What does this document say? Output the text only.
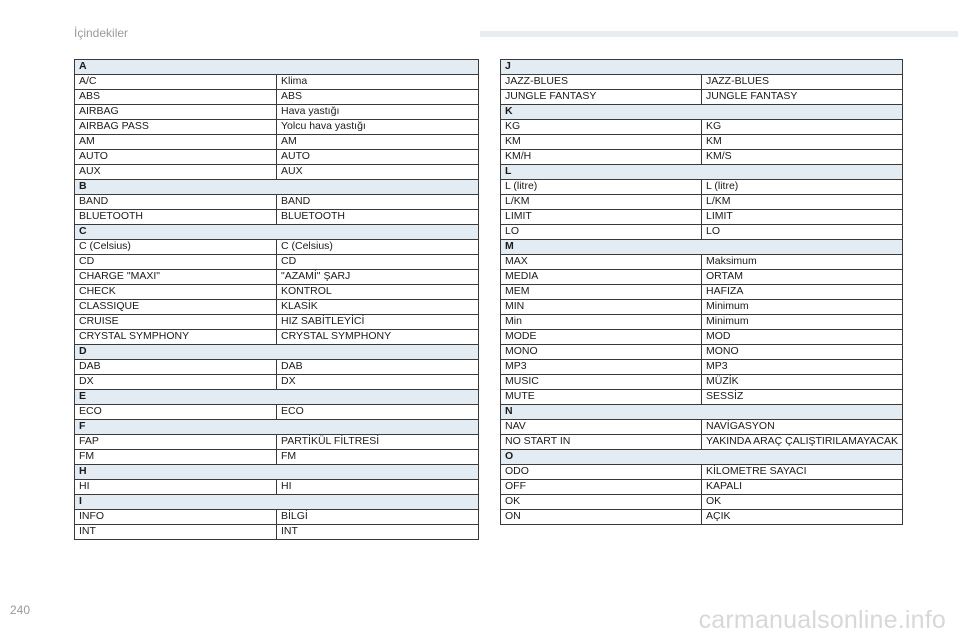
İçindekiler
A	
A/C	Klima
ABS	ABS
AIRBAG	Hava yastığı
AIRBAG PASS	Yolcu hava yastığı
AM	AM
AUTO	AUTO
AUX	AUX
B	
BAND	BAND
BLUETOOTH	BLUETOOTH
C	
C (Celsius)	C (Celsius)
CD	CD
CHARGE "MAXI"	"AZAMİ" ŞARJ
CHECK	KONTROL
CLASSIQUE	KLASİK
CRUISE	HIZ SABİTLEYİCİ
CRYSTAL SYMPHONY	CRYSTAL SYMPHONY
D	
DAB	DAB
DX	DX
E	
ECO	ECO
F	
FAP	PARTİKÜL FİLTRESİ
FM	FM
H	
HI	HI
I	
INFO	BİLGİ
INT	INT
J	
JAZZ-BLUES	JAZZ-BLUES
JUNGLE FANTASY	JUNGLE FANTASY
K	
KG	KG
KM	KM
KM/H	KM/S
L	
L (litre)	L (litre)
L/KM	L/KM
LIMIT	LIMIT
LO	LO
M	
MAX	Maksimum
MEDIA	ORTAM
MEM	HAFIZA
MIN	Minimum
Min	Minimum
MODE	MOD
MONO	MONO
MP3	MP3
MUSIC	MÜZİK
MUTE	SESSİZ
N	
NAV	NAVİGASYON
NO START IN	YAKINDA ARAÇ ÇALIŞTIRILAMAYACAK
O	
ODO	KİLOMETRE SAYACI
OFF	KAPALI
OK	OK
ON	AÇIK
240	carmanualsonline.info
